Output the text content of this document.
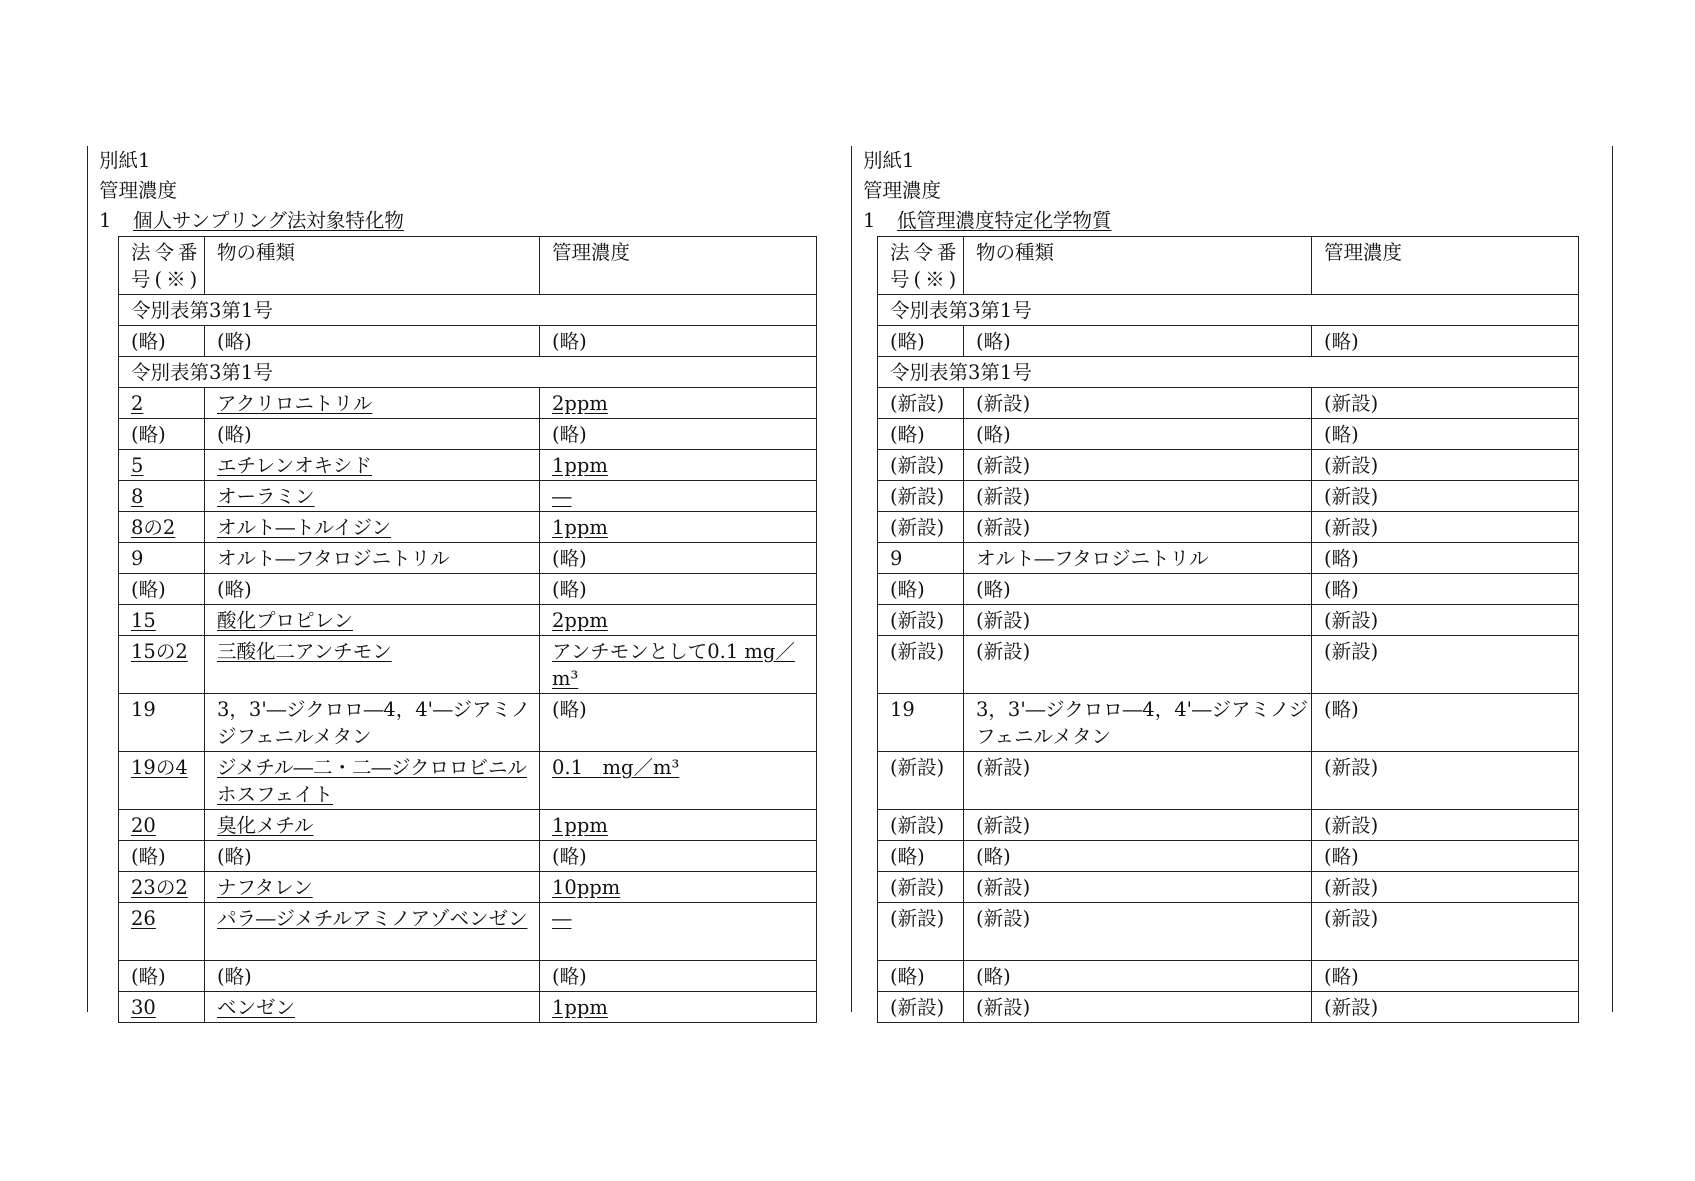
別紙1
管理濃度
1 個人サンプリング法対象特化物
法令番号(※)	物の種類	管理濃度
令別表第3第1号		
(略)	(略)	(略)
令別表第3第1号		
2	アクリロニトリル	2ppm
(略)	(略)	(略)
5	エチレンオキシド	1ppm
8	オーラミン	―
8の2	オルト―トルイジン	1ppm
9	オルト―フタロジニトリル	(略)
(略)	(略)	(略)
15	酸化プロピレン	2ppm
15の2	三酸化二アンチモン	アンチモンとして0.1 mg／m³
19	3，3'―ジクロロ―4，4'―ジアミノジフェニルメタン	(略)
19の4	ジメチル―二・二―ジクロロビニルホスフェイト	0.1　mg／m³
20	臭化メチル	1ppm
(略)	(略)	(略)
23の2	ナフタレン	10ppm
26	パラ―ジメチルアミノアゾベンゼン	―
(略)	(略)	(略)
30	ベンゼン	1ppm
別紙1
管理濃度
1 低管理濃度特定化学物質
法令番号(※)	物の種類	管理濃度
令別表第3第1号		
(略)	(略)	(略)
令別表第3第1号		
(新設)	(新設)	(新設)
(略)	(略)	(略)
(新設)	(新設)	(新設)
(新設)	(新設)	(新設)
(新設)	(新設)	(新設)
9	オルト―フタロジニトリル	(略)
(略)	(略)	(略)
(新設)	(新設)	(新設)
(新設)	(新設)	(新設)
19	3，3'―ジクロロ―4，4'―ジアミノジフェニルメタン	(略)
(新設)	(新設)	(新設)
(新設)	(新設)	(新設)
(略)	(略)	(略)
(新設)	(新設)	(新設)
(新設)	(新設)	(新設)
(略)	(略)	(略)
(新設)	(新設)	(新設)
